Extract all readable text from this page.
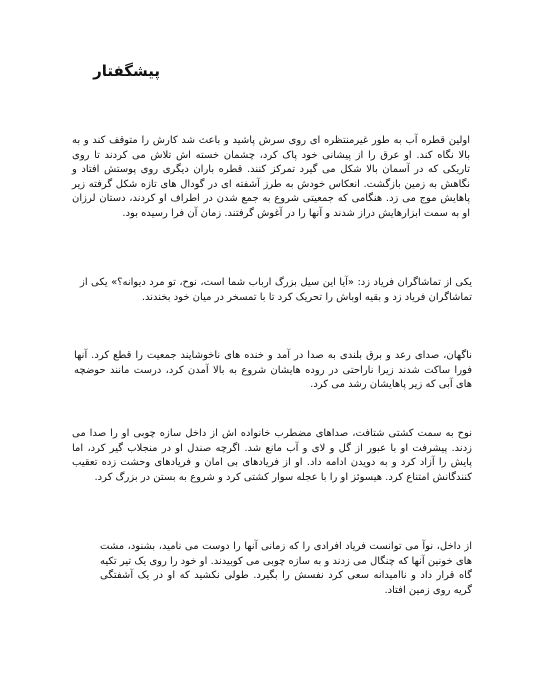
پیشگفتار

اولین قطره آب به طور غیرمنتظره ای روی سرش پاشید و باعث شد کارش را متوقف کند و به بالا نگاه کند. او عرق را از پیشانی خود پاک کرد، چشمان خسته اش تلاش می کردند تا روی تاریکی که در آسمان بالا شکل می گیرد تمرکز کنند. قطره باران دیگری روی پوستش افتاد و نگاهش به زمین بازگشت. انعکاس خودش به طرز آشفته ای در گودال های تازه شکل گرفته زیر پاهایش موج می زد. هنگامی که جمعیتی شروع به جمع شدن در اطراف او کردند، دستان لرزان او به سمت ابزارهایش دراز شدند و آنها را در آغوش گرفتند. زمان آن فرا رسیده بود.

یکی از تماشاگران فریاد زد: «آیا این سیل بزرگ ارباب شما است، نوح، تو مرد دیوانه؟» یکی از تماشاگران فریاد زد و بقیه اوباش را تحریک کرد تا با تمسخر در میان خود بخندند.

ناگهان، صدای رعد و برق بلندی به صدا در آمد و خنده های ناخوشایند جمعیت را قطع کرد. آنها فورا ساکت شدند زیرا ناراحتی در روده هایشان شروع به بالا آمدن کرد، درست مانند حوضچه های آبی که زیر پاهایشان رشد می کرد.

نوح به سمت کشتی شتافت، صداهای مضطرب خانواده اش از داخل سازه چوبی او را صدا می زدند. پیشرفت او با عبور از گل و لای و آب مانع شد. اگرچه صندل او در منجلاب گیر کرد، اما پایش را آزاد کرد و به دویدن ادامه داد. او از فریادهای بی امان و فریادهای وحشت زده تعقیب کنندگانش امتناع کرد. هیسوئز او را با عجله سوار کشتی کرد و شروع به بستن در بزرگ کرد.

از داخل، نوآ می توانست فریاد افرادی را که زمانی آنها را دوست می نامید، بشنود، مشت های خونین آنها که چنگال می زدند و به سازه چوبی می کوبیدند. او خود را روی یک تیر تکیه گاه قرار داد و ناامیدانه سعی کرد نفسش را بگیرد. طولی نکشید که او در یک آشفتگی گریه روی زمین افتاد.
